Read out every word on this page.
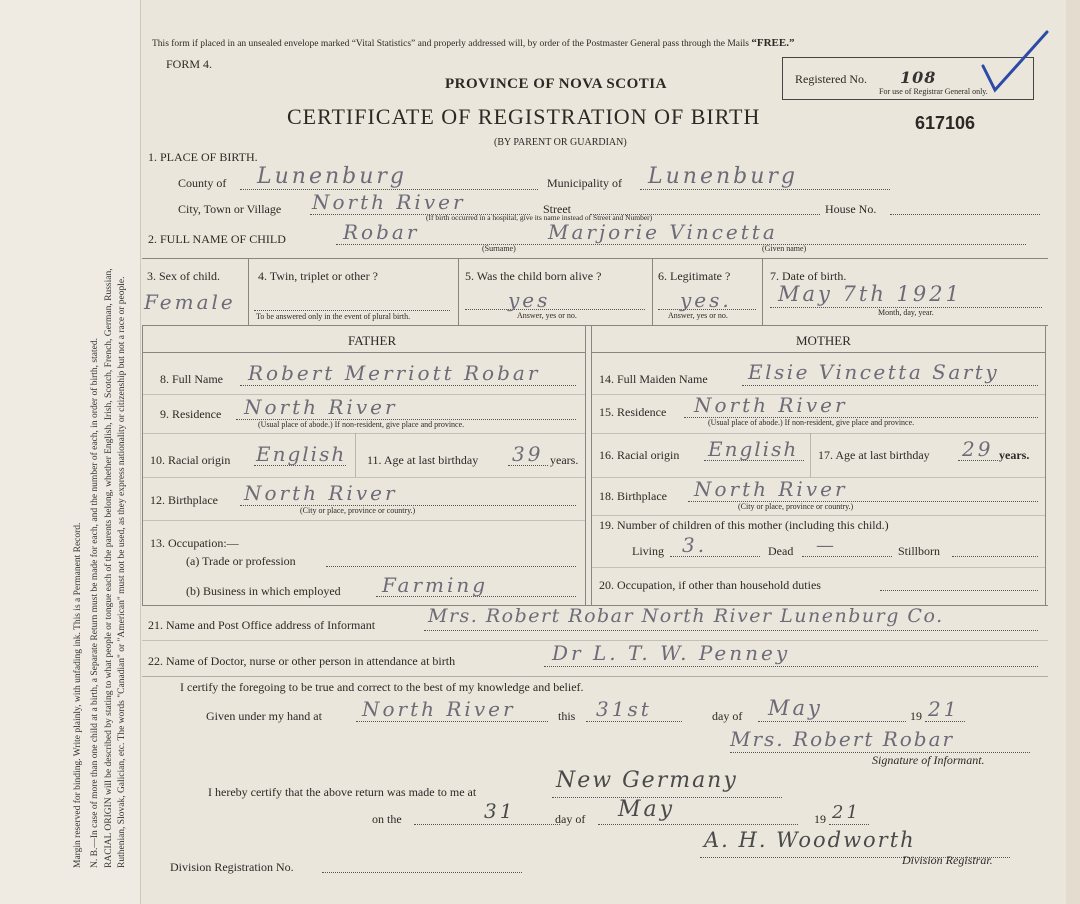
Margin reserved for binding. Write plainly, with unfading ink. This is a Permanent Record. N. B.—In case of more than one child at a birth, a Separate Return must be made for each, and the number of each, in order of birth, stated. RACIAL ORIGIN will be described by stating to what people or tongue each of the parents belong, whether English, Irish, Scotch, French, German, Russian, Ruthenian, Slovak, Galician, etc. The words "Canadian" or "American" must not be used, as they express nationality or citizenship but not a race or people.
This form if placed in an unsealed envelope marked “Vital Statistics” and properly addressed will, by order of the Postmaster General pass through the Mails “FREE.”
FORM 4.
PROVINCE OF NOVA SCOTIA
CERTIFICATE OF REGISTRATION OF BIRTH
(BY PARENT OR GUARDIAN)
Registered No. 108
For use of Registrar General only.
617106
1. PLACE OF BIRTH.
County of Lunenburg	Municipality of Lunenburg
City, Town or Village North River
(If birth occurred in a hospital, give its name instead of Street and Number)
Street	House No.
2. FULL NAME OF CHILD	Robar
(Surname)
Marjorie Vincetta
(Given name)
3. Sex of child.
Female
4. Twin, triplet or other ?
To be answered only in the event of plural birth.
5. Was the child born alive ?
yes
Answer, yes or no.
6. Legitimate ?
yes.
Answer, yes or no.
7. Date of birth.
May 7th 1921
Month, day, year.
FATHER	MOTHER
8. Full Name Robert Merriott Robar
9. Residence North River
(Usual place of abode.) If non-resident, give place and province.
10. Racial origin English 11. Age at last birthday 39 years.
12. Birthplace North River
(City or place, province or country.)
13. Occupation:—
(a) Trade or profession
(b) Business in which employed Farming
14. Full Maiden Name Elsie Vincetta Sarty
15. Residence North River
(Usual place of abode.) If non-resident, give place and province.
16. Racial origin English 17. Age at last birthday 29 years.
18. Birthplace North River
(City or place, province or country.)
19. Number of children of this mother (including this child.)
Living 3.	Dead —	Stillborn
20. Occupation, if other than household duties
21. Name and Post Office address of Informant	Mrs. Robert Robar North River Lunenburg Co.
22. Name of Doctor, nurse or other person in attendance at birth	Dr L. T. W. Penney
I certify the foregoing to be true and correct to the best of my knowledge and belief.
Given under my hand at North River	this 31st	day of May	19 21
Mrs. Robert Robar
Signature of Informant.
I hereby certify that the above return was made to me at	New Germany
on the	31	day of May	19 21
Division Registration No.
A. H. Woodworth
Division Registrar.
